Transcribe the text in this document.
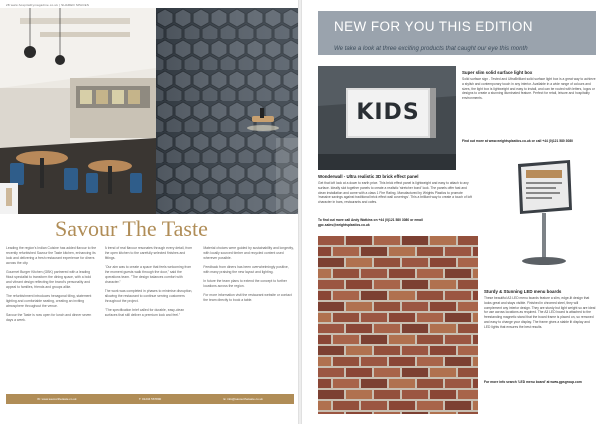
28 www.hospitalitymagazine.co.uk | SHARED SPACES
Savour The Taste

Leading the region's Indian Cuisine has added flavour to the recently refurbished Savour the Taste kitchen, enhancing its look and delivering a fresh restaurant experience for diners across the city.

Gourmet Burger Kitchen (GBK) partnered with a leading fitout specialist to transform the dining space, with a bold and vibrant design reflecting the brand's personality and appeal to families, friends and groups alike.

The refurbishment introduces hexagonal tiling, statement lighting and comfortable seating, creating an inviting atmosphere throughout the venue.

Savour the Taste is now open for lunch and dinner seven days a week.

A trend of real flavour resonates through every detail, from the open kitchen to the carefully selected finishes and fittings.

"Our aim was to create a space that feels welcoming from the moment guests walk through the door," said the operations team. "The design balances comfort with character."

The work was completed in phases to minimise disruption, allowing the restaurant to continue serving customers throughout the project.

"The specification brief called for durable, easy-clean surfaces that still deliver a premium look and feel."

Material choices were guided by sustainability and longevity, with locally sourced timber and recycled content used wherever possible.

Feedback from diners has been overwhelmingly positive, with many praising the new layout and lighting.

In future the team plans to extend the concept to further locations across the region.

For more information visit the restaurant website or contact the team directly to book a table.

W: www.savourthetaste.co.uk	T: 01234 567890	E: info@savourthetaste.co.uk
NEW FOR YOU THIS EDITION
We take a look at three exciting products that caught our eye this month
KIDS
Super slim solid surface light box
Solid surface sign - Tested and UltraBrilliant solid surface light box is a great way to achieve a stylish and contemporary touch in any interior. Available in a wide range of colours and sizes, the light box is lightweight and easy to install, and can be routed with letters, logos or designs to create a stunning illuminated feature. Perfect for retail, leisure and hospitality environments.
Find out more at www.wrightsplastics.co.uk or call +44 (0)121 580 3080
Wonderwall - Ultra realistic 3D brick effect panel
Get that loft look at a down to earth price. This brick effect panel is lightweight and easy to attach to any surface. Ideally slot together panels to create a realistic 'stretcher bond' look. The panels offer fast and clean installation and come with a class 1 Fire Rating. Manufactured by Wrights Plastics to promote 'massive savings against traditional brick effect wall coverings'. This a brilliant way to create a touch of loft character in bars, restaurants and cafes.
To find out more call Andy Watkins on +44 (0)121 580 3080 or email gpc.sales@wrightsplastics.co.uk
Sturdy & Stunning LED menu boards
These beautiful A3 LED menu boards feature a slim, edge-lit design that looks great and stays visible. Finished in chromed steel, they will complement any interior design. They are sturdy but light weight so are ideal for use across locations as required. The A3 LED board is attached to the freestanding magnetic stand that the board frame is placed on, so removed and easy to change your display. The frame gives a stable lit display and LED lights that ensures the best results.
For more info search 'LED menu board' at www.gpsgroup.com
